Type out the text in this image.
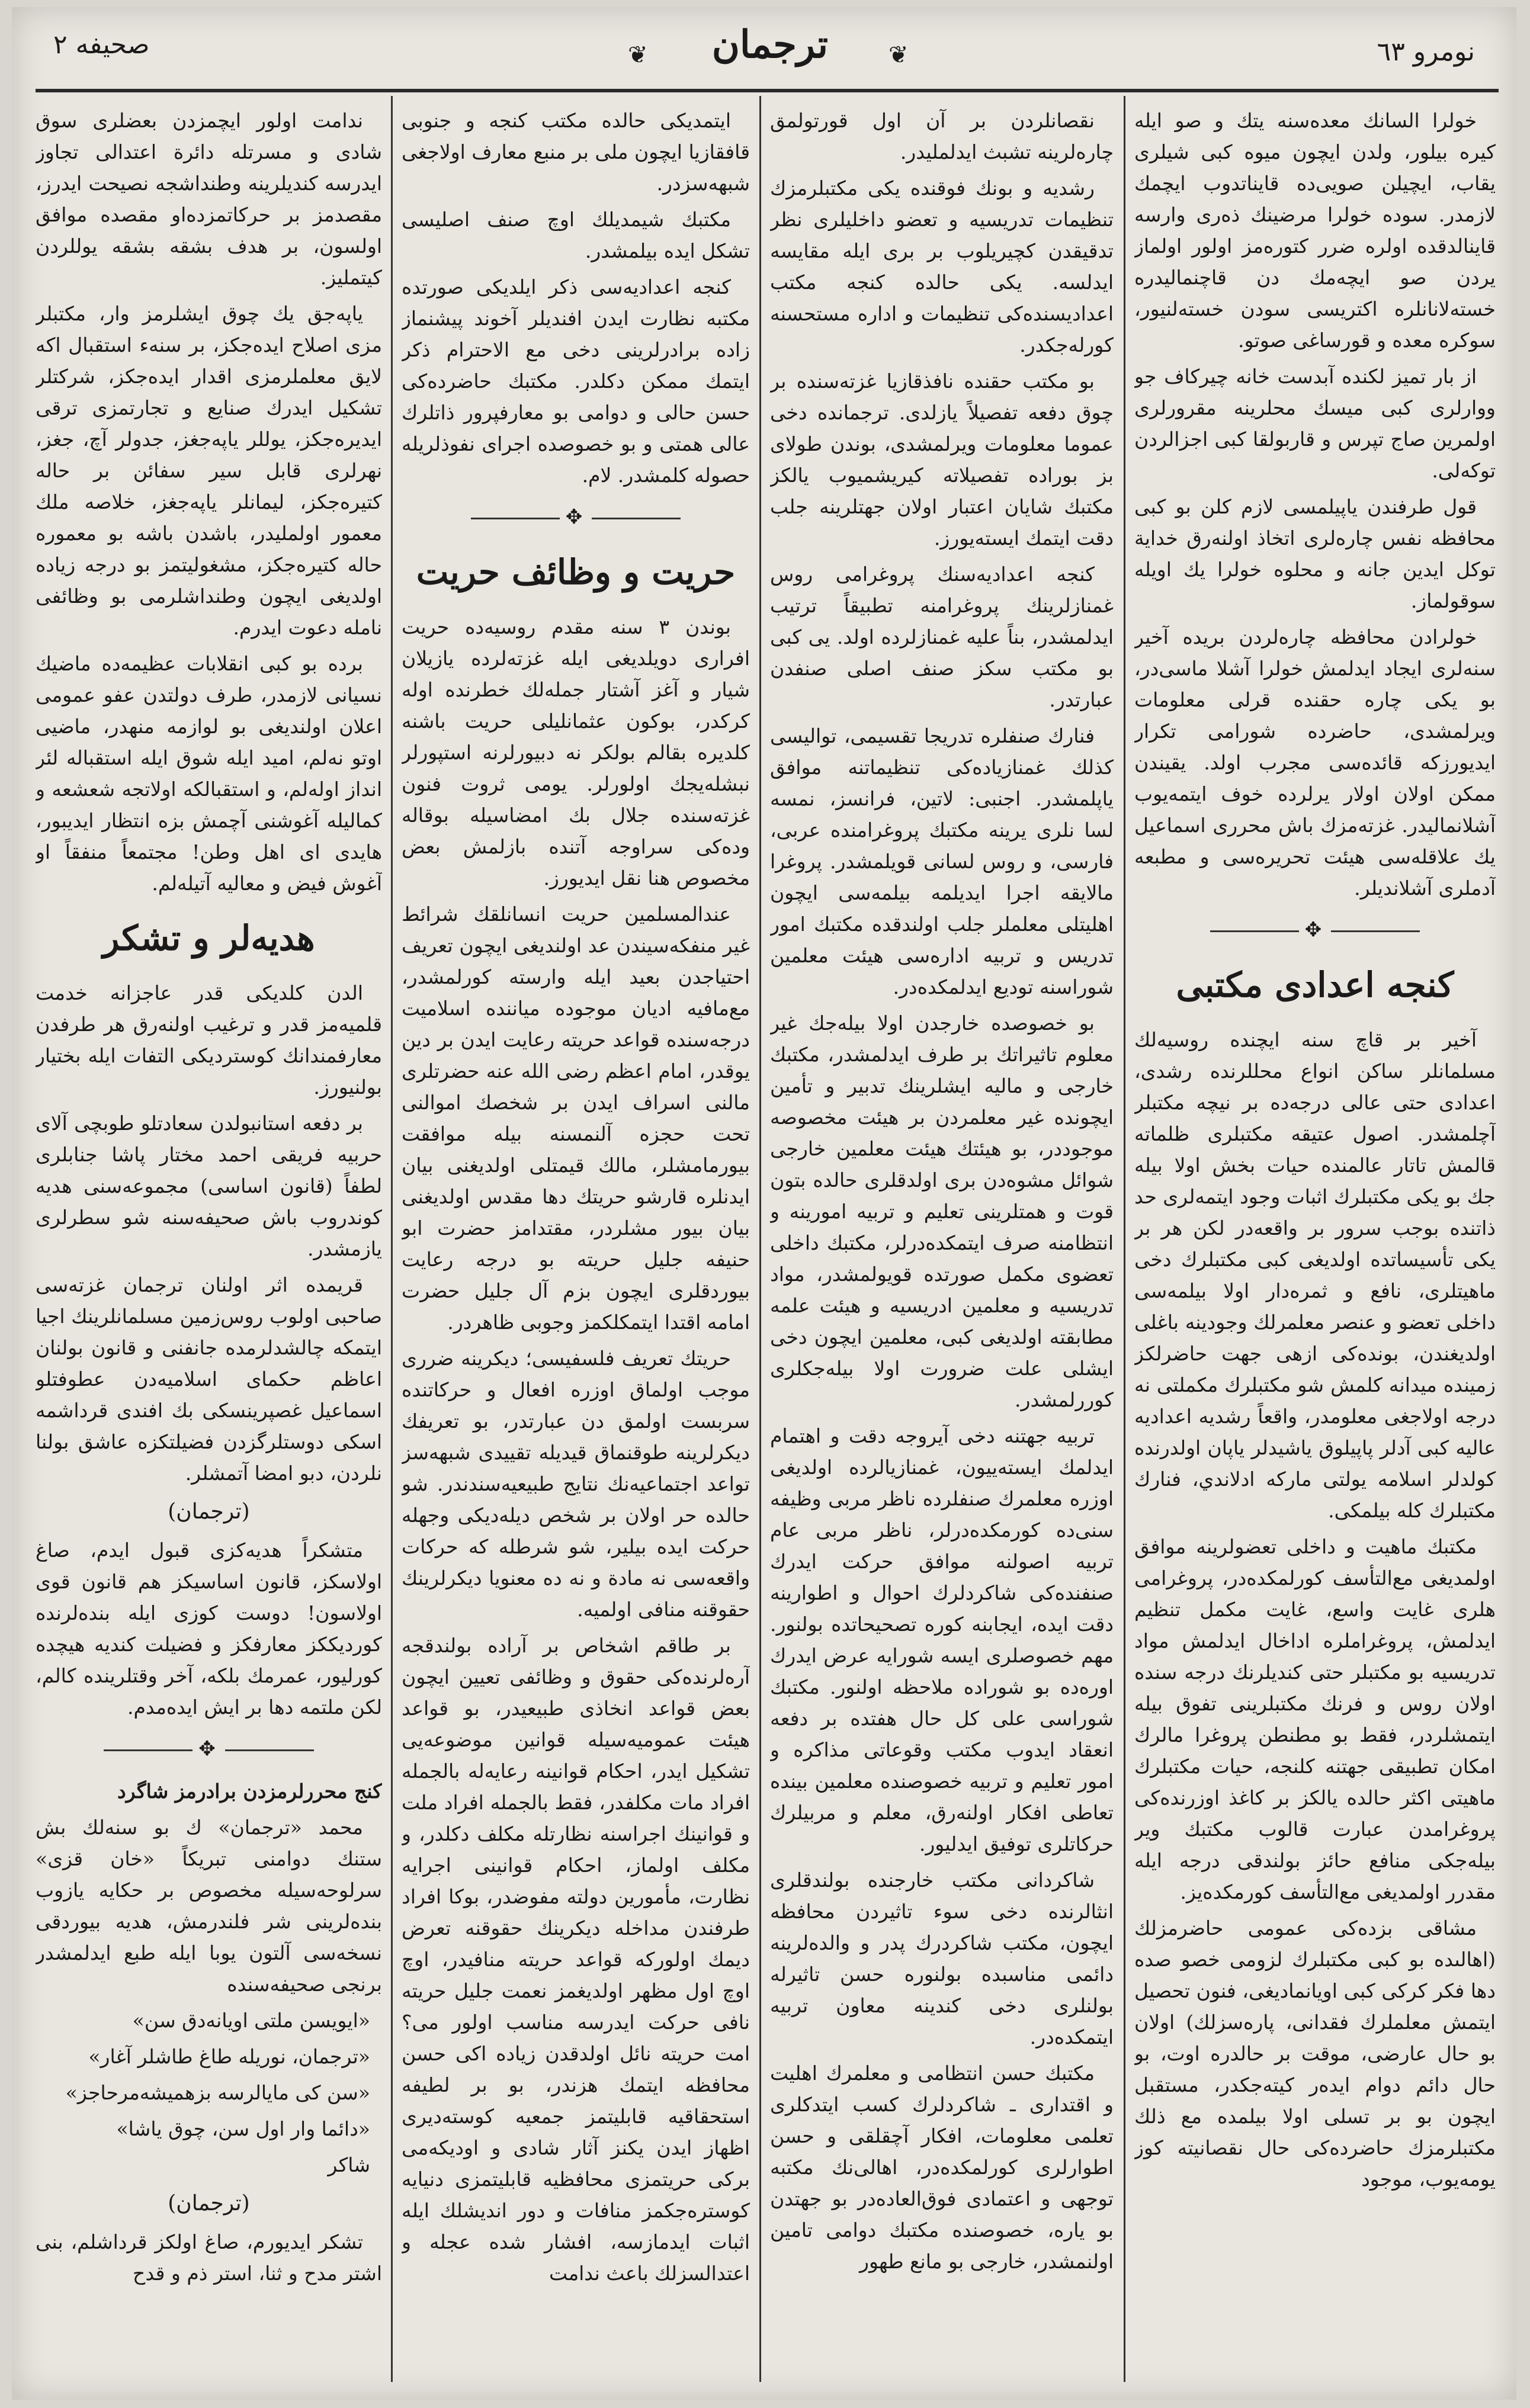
صحیفه ۲	❦	ترجمان	❦	نومرو ٦٣

خولرا السانك معدەسنه يتك و صو ايله كيرە بيلور، ولدن ايچون ميوە كبى شيلرى يقاب، ايچيلن صويى‌ده قايناتدوب ايچمك لازمدر. سودە خولرا مرضينك ذەرى وارسه قاينالدقده اولره ضرر كتورەمز اولور اولماز يردن صو ايچه‌مك دن قاچنماليدرە خسته‌لانانلرە اكتريسى سودن خسته‌لنيور، سوكره معده و قورساغى صوتو.

از بار تميز لكندە آبدست خانه چيركاف جو ووارلرى كبى ميسك محلرينه مقرورلرى اولمرين صاج تپرس و قاربولقا كبى اجزالردن توكەلى.

قول طرفندن ياپيلمسى لازم كلن بو كبى محافظه نفس چارەلرى اتخاذ اولنه‌رق خداية توكل ايدين جانه و محلوه خولرا يك اويله سوقولماز.

خولرادن محافظه چارەلردن بريدە آخير سنه‌لرى ايجاد ايدلمش خولرا آشلا ماسى‌در، بو يكى چارە حقنده قرلى معلومات ويرلمشدى، حاضردە شورامى تكرار ايديورزكه قائدەسى مجرب اولد. يقيندن ممكن اولان اولار يرلرده خوف ايتمەيوب آشلانماليدر. غزته‌مزك باش محررى اسماعيل يك علاقلەسى هيئت تحريرەسى و مطبعه آدملرى آشلانديلر.

✥
كنجه اعدادى مكتبى

آخير بر قاچ سنه ايچنده روسيەلك مسلمانلر ساكن انواع محللرنده رشدى، اعدادى حتى عالى درجەدە بر نيچە مكتبلر آچلمشدر. اصول عتيقه مكتبلرى ظلماته قالمش تاتار عالمنده حيات بخش اولا بيله جك بو يكى مكتبلرك اثبات وجود ايتمەلرى حد ذاتنده بوجب سرور بر واقعەدر لكن هر بر يكى تأسيساتدە اولديغى كبى مكتبلرك دخى ماهيتلرى، نافع و ثمرەدار اولا بيلمەسى داخلى تعضو و عنصر معلمرلك وجودينه باغلى اولديغندن، بوندەكى ازهى جهت حاضرلكز زمينده ميدانه كلمش شو مكتبلرك مكملتى نه درجه اولاجغى معلومدر، واقعاً رشديه اعداديه عاليه كبى آدلر پاپيلوق ياشيدلر ياپان اولدرنده كولدلر اسلامە يولتى ماركه ادلاندي، فنارك مكتبلرك كله بيلمكى.

مكتبك ماهيت و داخلى تعضولرينه موافق اولمديغى مع‌التأسف كورلمكده‌در، پروغرامى هلرى غايت واسع، غايت مكمل تنظيم ايدلمش، پروغراملره اداخال ايدلمش مواد تدريسيه بو مكتبلر حتى كنديلرنك درجه سنده اولان روس و فرنك مكتبلرينى تفوق بيله ايتمشلردر، فقط بو مطنطن پروغرا مالرك امكان تطبيقى جهتنه كلنجه، حيات مكتبلرك ماهيتى اكثر حالده يالكز بر كاغذ اوزرنده‌كى پروغرامدن عبارت قالوب مكتبك وير بيله‌جكى منافع حائز بولندقى درجه ايله مقدرر اولمديغى مع‌التأسف كورمكدەيز.

مشاقى بزده‌كى عمومى حاضرمزلك (اهالىدە بو كبى مكتبلرك لزومى خصو صده دها فكر كركى كبى اويانماديغى، فنون تحصيل ايتمش معلملرك فقدانى، پارەسزلك) اولان بو حال عارضى، موقت بر حالدرە اوت، بو حال دائم دوام ايدەر كيته‌جكدر، مستقبل ايچون بو بر تسلى اولا بيلمدە مع ذلك مكتبلرمزك حاضرده‌كى حال نقصانيته كوز يومەيوب، موجود

نقصانلردن بر آن اول قورتولمق چارەلرينه تشبث ايدلمليدر.

رشديه و بونك فوقنده يكى مكتبلرمزك تنظيمات تدريسيه و تعضو داخليلرى نظر تدقيقدن كچيريلوب بر برى ايله مقايسه ايدلسه. يكى حالده كنجه مكتب اعداديسنده‌كى تنظيمات و اداره مستحسنه كورلەجكدر.

بو مكتب حقنده نافذقازيا غزته‌سنده بر چوق دفعه تفصيلاً يازلدى. ترجمانده دخى عموما معلومات ويرلمشدى، بوندن طولاى بز بورادە تفصيلاته كيريشميوب يالكز مكتبك شايان اعتبار اولان جهتلرينه جلب دقت ايتمك ايسته‌يورز.

كنجه اعداديه‌سنك پروغرامى روس غمنازلرينك پروغرامنه تطبيقاً ترتيب ايدلمشدر، بناً عليه غمنازلرده اولد. يى كبى بو مكتب سكز صنف اصلى صنفدن عبارتدر.

فنارك صنفلره تدريجا تقسيمى، تواليسى كذلك غمنازيادەكى تنظيماتنه موافق ياپلمشدر. اجنبى: لاتين، فرانسز، نمسه لسا نلرى يرينه مكتبك پروغرامنده عربى، فارسى، و روس لسانى قويلمشدر. پروغرا مالايقه اجرا ايديلمه بيلمەسى ايچون اهليتلى معلملر جلب اولندقده مكتبك امور تدريس و تربيه ادارەسى هيئت معلمين شوراسنه توديع ايدلمكدەدر.

بو خصوصده خارجدن اولا بيلەجك غير معلوم تاثيراتك بر طرف ايدلمشدر، مكتبك خارجى و ماليه ايشلرينك تدبير و تأمين ايچونده غير معلمردن بر هيئت مخصوصه موجوددر، بو هيئتك هيئت معلمين خارجى شوائل مشوەدن برى اولدقلرى حالده بتون قوت و همتلرينى تعليم و تربيه امورينه و انتظامنه صرف ايتمكده‌درلر، مكتبك داخلى تعضوى مكمل صورتده قويولمشدر، مواد تدريسيه و معلمين ادريسيه و هيئت علمه مطابقته اولديغى كبى، معلمين ايچون دخى ايشلى علت ضرورت اولا بيلەجكلرى كوررلمشدر.

تربيه جهتنه دخى آيروجه دقت و اهتمام ايدلمك ايسته‌ييون، غمنازيالرده اولديغى اوزره معلمرك صنفلرده ناظر مربى وظيفه سنى‌ده كورمكده‌درلر، ناظر مربى عام تربيه اصولنه موافق حركت ايدرك صنفنده‌كى شاكردلرك احوال و اطوارينه دقت ايدە، ايجابنه كوره تصحيحاتده بولنور. مهم خصوصلرى ايسه شورايه عرض ايدرك اورەدە بو شوراده ملاحظه اولنور. مكتبك شوراسى على كل حال هفتده بر دفعه انعقاد ايدوب مكتب وقوعاتى مذاكرە و امور تعليم و تربيه خصوصنده معلمين بينده تعاطى افكار اولنه‌رق، معلم و مربيلرك حركاتلرى توفيق ايدليور.

شاكردانى مكتب خارجنده بولندقلرى انثالرنده دخى سوء تاثيردن محافظه ايچون، مكتب شاكردرك پدر و والدەلرينه دائمى مناسبده بولنورە حسن تاثيرله بولنلرى دخى كندينه معاون تربيه ايتمكدەدر.

مكتبك حسن انتظامى و معلمرك اهليت و اقتدارى ـ شاكردلرك كسب ايتدكلرى تعلمى معلومات، افكار آچقلقى و حسن اطوارلرى كورلمكدەدر، اهالى‌نك مكتبه توجهى و اعتمادى فوق‌العاده‌در بو جهتدن بو يارە، خصوصنده مكتبك دوامى تامين اولنمشدر، خارجى بو مانع طهور

ايتمديكى حالده مكتب كنجه و جنوبى قافقازيا ايچون ملى بر منبع معارف اولاجغى شبهه‌سزدر.

مكتبك شيمديلك اوچ صنف اصليسى تشكل ايده بيلمشدر.

كنجه اعداديەسى ذكر ايلديكى صورتده مكتبه نظارت ايدن افنديلر آخوند پيشنماز زاده برادرلرينى دخى مع الاحترام ذكر ايتمك ممكن دكلدر. مكتبك حاضرده‌كى حسن حالى و دوامى بو معارفپرور ذاتلرك عالى همتى و بو خصوصده اجراى نفوذلريله حصوله كلمشدر. لام.

✥
حريت و وظائف حريت

بوندن ٣ سنه مقدم روسيه‌دە حريت افرارى دويلديغى ايله غزته‌لرده يازيلان شيار و آغز آشتار جمله‌لك خطرنده اوله كركدر، بوكون عثمانليلى حريت باشنه كلديرە بقالم بولكر نه دبيورلرنه استپورلر نبشلەيجك اولورلر. يومى ثروت فنون غزته‌سنده جلال بك امضاسيله بوقالە وده‌كى سراوجه آتنده بازلمش بعض مخصوص هنا نقل ايديورز.

عندالمسلمين حريت انسانلقك شرائط غير منفكەسيندن عد اولنديغى ايچون تعريف احتياجدن بعيد ايله وارسته كورلمشدر، مع‌مافيه اديان موجوده مياننده اسلاميت درجه‌سنده قواعد حريته رعايت ايدن بر دين يوقدر، امام اعظم رضى الله عنه حضرتلرى مالنى اسراف ايدن بر شخصك اموالنى تحت حجزه آلنمسنه بيله موافقت بيورمامشلر، مالك قيمتلى اولديغنى بيان ايدنلره قارشو حريتك دها مقدس اولديغنى بيان بيور مشلردر، مقتدامز حضرت ابو حنيفه جليل حريته بو درجه رعايت بيوردقلرى ايچون بزم آل جليل حضرت امامه اقتدا ايتمكلكمز وجوبى ظاهردر.

حريتك تعريف فلسفيسى؛ ديكرينه ضررى موجب اولماق اوزره افعال و حركاتنده سربست اولمق دن عبارتدر، بو تعريفك ديكرلرينه طوقنماق قيديله تقييدى شبهه‌سز تواعد اجتماعيه‌نك نتايج طبيعيه‌سندندر. شو حالده حر اولان بر شخص ديله‌ديكى وجهله حركت ايده بيلير، شو شرطله كه حركات واقعه‌سى نه مادة و نه ده معنويا ديكرلرينك حقوقنه منافى اولميه.

بر طاقم اشخاص بر آرادە بولندقجه آرەلرنده‌كى حقوق و وظائفى تعيين ايچون بعض قواعد انخاذى طبيعيدر، بو قواعد هيئت عموميه‌سيله قوانين موضوعه‌يى تشكيل ايدر، احكام قوانينه رعايەله بالجمله افراد مات مكلفدر، فقط بالجمله افراد ملت و قوانينك اجراسنه نظارتله مكلف دكلدر، و مكلف اولماز، احكام قوانينى اجرايه نظارت، مأمورين دولته مفوضدر، بوكا افراد طرفندن مداخله ديكرينك حقوقنه تعرض ديمك اولوركه قواعد حريته منافيدر، اوچ اوچ اول مظهر اولديغمز نعمت جليل حريته نافى حركت ايدرسه مناسب اولور مى؟ امت حريته نائل اولدقدن زيادە اكى حسن محافظه ايتمك هزندر، بو بر لطيفه استحقاقيه قابليتمز جمعيه كوسته‌ديرى اظهاز ايدن يكنز آثار شادى و اوديكه‌مى بركى حريتمزى محافظيه قابليتمزى دنيايه كوسترەجكمز منافات و دور انديشلك ايله اثبات ايدمازسه، افشار شده عجله و اعتدالسزلك باعث ندامت

ندامت اولور ايچمزدن بعضلرى سوق شادى و مسرتله دائرة اعتدالى تجاوز ايدرسه كنديلرينه وطنداشجه نصيحت ايدرز، مقصدمز بر حركاتمزده‌او مقصده موافق اولسون، بر هدف بشقه بشقه يوللردن كيتمليز.

ياپه‌جق يك چوق ايشلرمز وار، مكتبلر مزى اصلاح ايدەجكز، بر سنهء استقبال اكه لايق معلملرمزى اقدار ايده‌جكز، شركتلر تشكيل ايدرك صنايع و تجارتمزى ترقى ايديرەجكز، يوللر ياپه‌جغز، جدولر آچ، جغز، نهرلرى قابل سير سفائن بر حاله كتيرەجكز، ليمانلر ياپه‌جغز، خلاصه ملك معمور اولمليدر، باشدن باشه بو معموره حاله كتيرەجكز، مشغوليتمز بو درجه زياده اولديغى ايچون وطنداشلرمى بو وظائفى نامله دعوت ايدرم.

برده بو كبى انقلابات عظيمه‌ده ماضيك نسيانى لازمدر، طرف دولتدن عفو عمومى اعلان اولنديغى بو لوازمه منهدر، ماضيى اوتو نه‌لم، اميد ايله شوق ايله استقباله لئر انداز اولەلم، و استقبالكه اولاتجه شعشعه و كماليله آغوشنى آچمش بزه انتظار ايديبور، هايدى اى اهل وطن! مجتمعاً منفقاً او آغوش فيض و معاليه آتيلەلم.

هديەلر و تشكر

الدن كلديكى قدر عاجزانه خدمت قلميەمز قدر و ترغيب اولنەرق هر طرفدن معارفمندانك كوسترديكى التفات ايله بختيار بولنيورز.

بر دفعه استانبولدن سعادتلو طوبچى آلاى حربيه فريقى احمد مختار پاشا جنابلرى لطفاً (قانون اساسى) مجموعەسنى هديه كوندروب باش صحيفه‌سنه شو سطرلرى يازمشدر.

قريمدە اثر اولنان ترجمان غزته‌سى صاحبى اولوب روس‌زمين مسلمانلرينك اجيا ايتمكه چالشدلرمدە جانفنى و قانون بولنان اعاظم حكماى اسلاميه‌دن عطوفتلو اسماعيل غصپرينسكى بك افندى قرداشمه اسكى دوستلرگزدن فضيلتكزه عاشق بولنا نلردن، دبو امضا آتمشلر.

(ترجمان)

متشكراً هديەكزى قبول ايدم، صاغ اولاسكز، قانون اساسيكز هم قانون قوى اولاسون! دوست كوزى ايله بندەلرنده كورديككز معارفكز و فضيلت كنديه هيچده كورليور، عمرمك بلكه، آخر وقتلرينده كالم، لكن ملتمه دها بر ايش ايده‌مدم.

✥

كنج محررلرمزدن برادرمز شاگرد

محمد «ترجمان» ك بو سنەلك بش ستنك دوامنى تبريكاً «خان قزى» سرلوحه‌سيله مخصوص بر حكايه يازوب بندەلرينى شر فلندرمش، هديه بيوردقى نسخه‌سى آلتون يوبا ايله طبع ايدلمشدر برنجى صحيفه‌سنده

«ايويسن ملتى اويانەدق سن»

«ترجمان، نوريله طاغ طاشلر آغار»

«سن كى مايالرسه بز‌هميشه‌مرحاجز»

«دائما وار اول سن، چوق ياشا»

شاكر

(ترجمان)

تشكر ايديورم، صاغ اولكز قرداشلم، بنى اشتر مدح و ثنا، استر ذم و قدح
